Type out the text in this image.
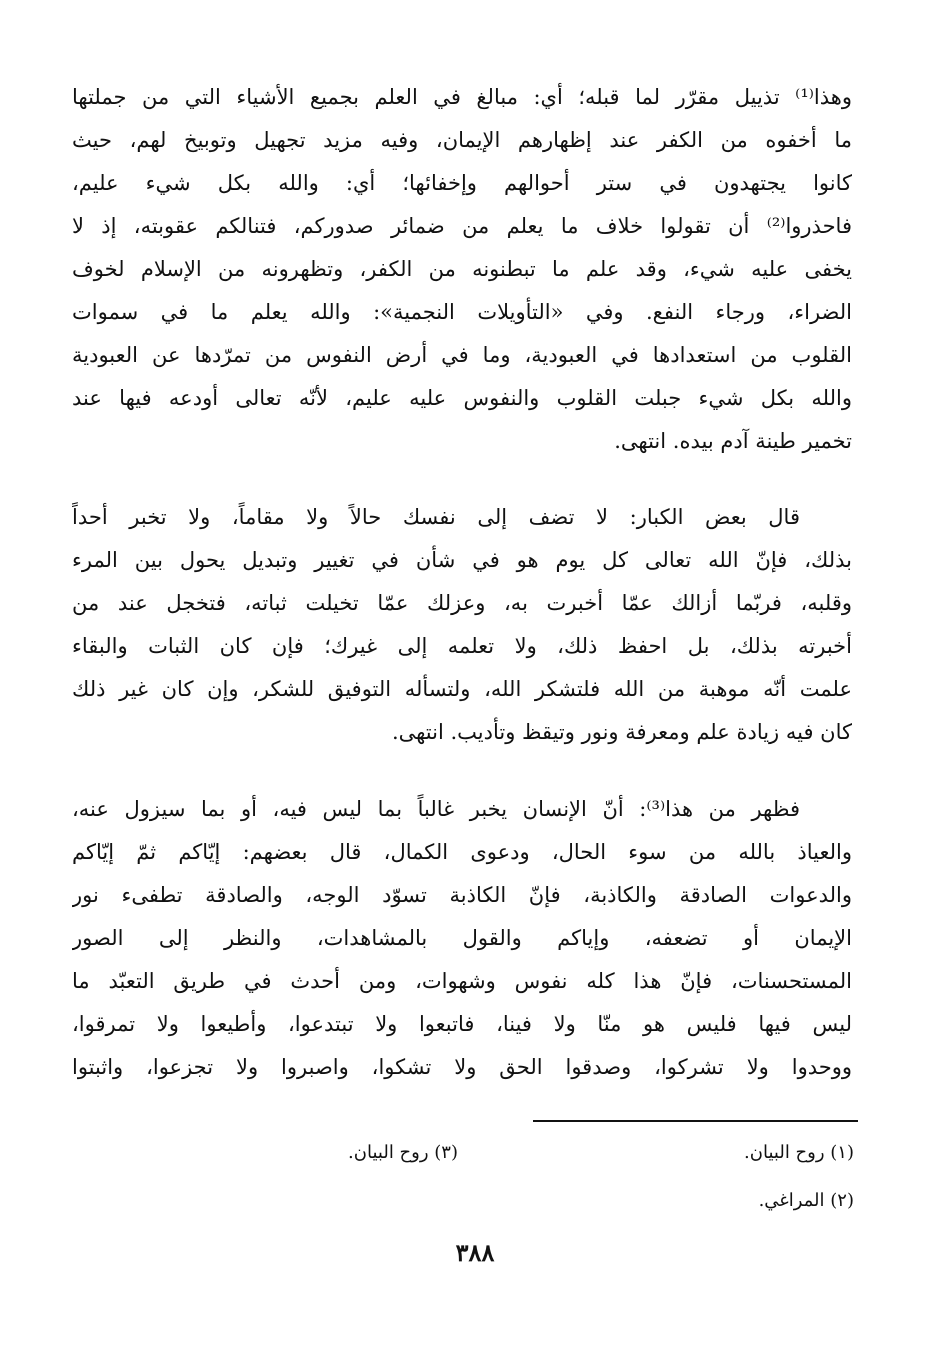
وهذا⁽¹⁾ تذييل مقرّر لما قبله؛ أي: مبالغ في العلم بجميع الأشياء التي من جملتها
ما أخفوه من الكفر عند إظهارهم الإيمان، وفيه مزيد تجهيل وتوبيخ لهم، حيث
كانوا يجتهدون في ستر أحوالهم وإخفائها؛ أي: والله بكل شيء عليم،
فاحذروا⁽²⁾ أن تقولوا خلاف ما يعلم من ضمائر صدوركم، فتنالكم عقوبته، إذ لا
يخفى عليه شيء، وقد علم ما تبطنونه من الكفر، وتظهرونه من الإسلام لخوف
الضراء، ورجاء النفع. وفي «التأويلات النجمية»: والله يعلم ما في سموات
القلوب من استعدادها في العبودية، وما في أرض النفوس من تمرّدها عن العبودية
والله بكل شيء جبلت القلوب والنفوس عليه عليم، لأنّه تعالى أودعه فيها عند
تخمير طينة آدم بيده. انتهى.
قال بعض الكبار: لا تضف إلى نفسك حالاً ولا مقاماً، ولا تخبر أحداً
بذلك، فإنّ الله تعالى كل يوم هو في شأن في تغيير وتبديل يحول بين المرء
وقلبه، فربّما أزالك عمّا أخبرت به، وعزلك عمّا تخيلت ثباته، فتخجل عند من
أخبرته بذلك، بل احفظ ذلك، ولا تعلمه إلى غيرك؛ فإن كان الثبات والبقاء
علمت أنّه موهبة من الله فلتشكر الله، ولتسأله التوفيق للشكر، وإن كان غير ذلك
كان فيه زيادة علم ومعرفة ونور وتيقظ وتأديب. انتهى.
فظهر من هذا⁽³⁾: أنّ الإنسان يخبر غالباً بما ليس فيه، أو بما سيزول عنه،
والعياذ بالله من سوء الحال، ودعوى الكمال، قال بعضهم: إيّاكم ثمّ إيّاكم
والدعوات الصادقة والكاذبة، فإنّ الكاذبة تسوّد الوجه، والصادقة تطفىء نور
الإيمان أو تضعفه، وإياكم والقول بالمشاهدات، والنظر إلى الصور
المستحسنات، فإنّ هذا كله نفوس وشهوات، ومن أحدث في طريق التعبّد ما
ليس فيها فليس هو منّا ولا فينا، فاتبعوا ولا تبتدعوا، وأطيعوا ولا تمرقوا،
ووحدوا ولا تشركوا، وصدقوا الحق ولا تشكوا، واصبروا ولا تجزعوا، واثبتوا
(١) روح البيان.
(٣) روح البيان.
(٢) المراغي.
٣٨٨
